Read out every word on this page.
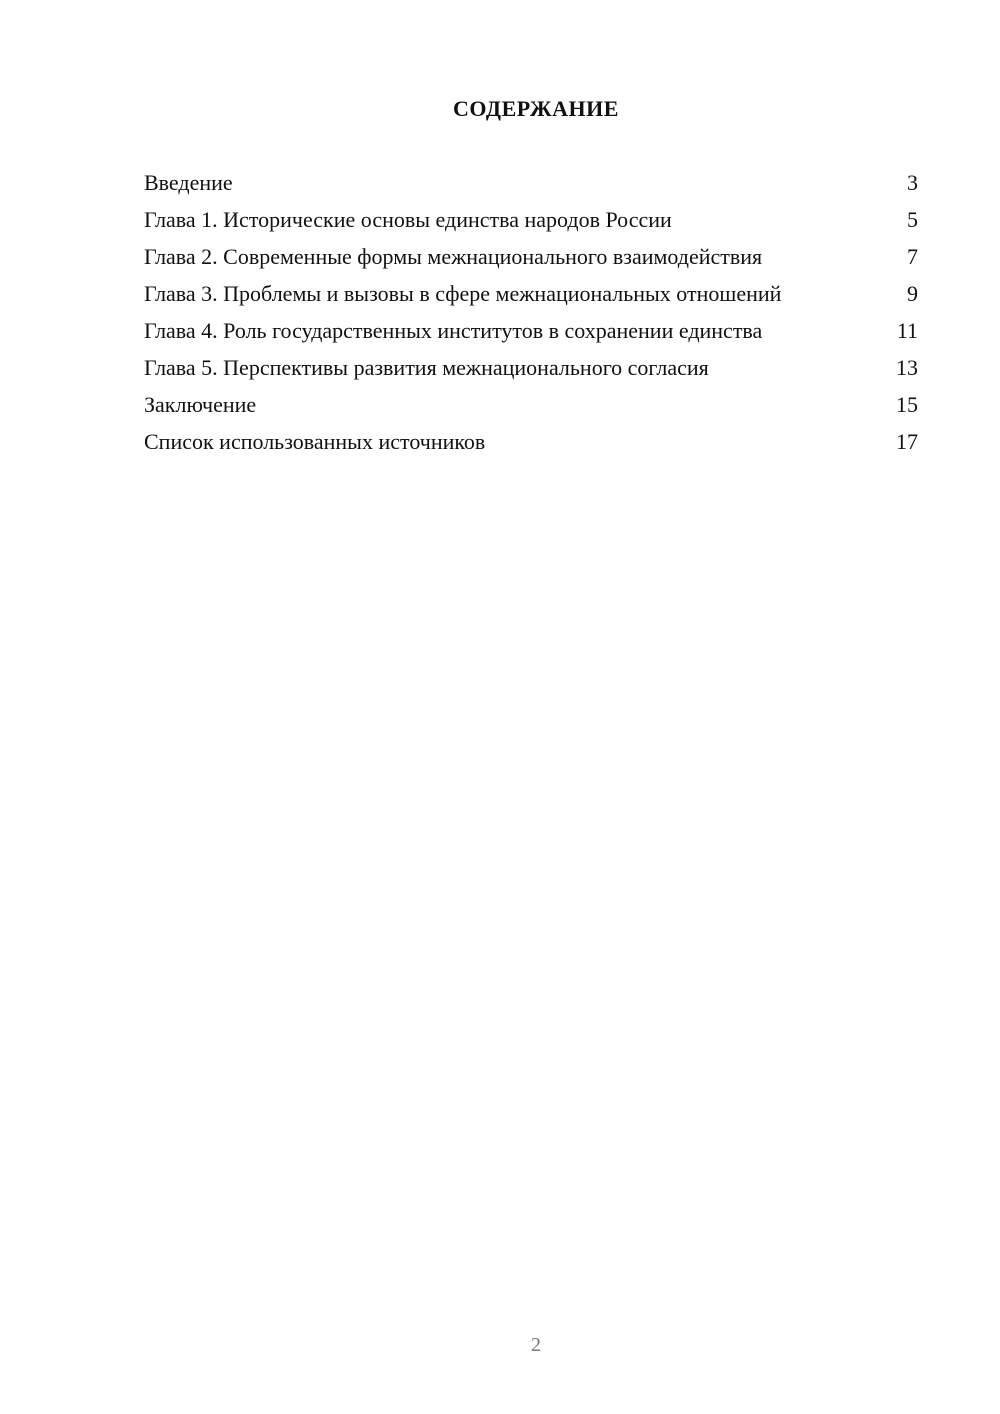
СОДЕРЖАНИЕ
Введение	3
Глава 1. Исторические основы единства народов России	5
Глава 2. Современные формы межнационального взаимодействия	7
Глава 3. Проблемы и вызовы в сфере межнациональных отношений	9
Глава 4. Роль государственных институтов в сохранении единства	11
Глава 5. Перспективы развития межнационального согласия	13
Заключение	15
Список использованных источников	17
2
